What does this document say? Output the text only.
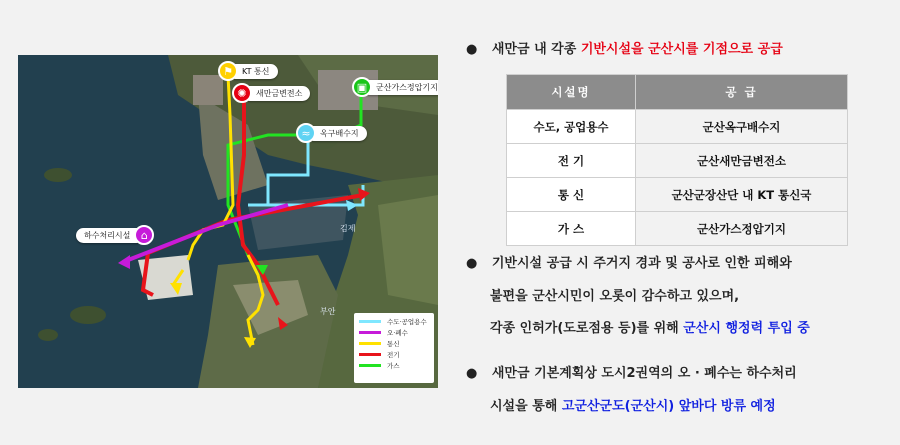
⚑	KT 통신
✺	새만금변전소	▣	군산가스정압기지
≈	옥구배수지
⌂
하수처리시설
김제
부안
수도·공업용수
오·폐수
통신
전기
가스
● 새만금 내 각종 기반시설을 군산시를 기점으로 공급
시설명	공 급
수도, 공업용수	군산옥구배수지
전 기	군산새만금변전소
통 신	군산군장산단 내 KT 통신국
가 스	군산가스정압기지
● 기반시설 공급 시 주거지 경과 및 공사로 인한 피해와
불편을 군산시민이 오롯이 감수하고 있으며,
각종 인허가(도로점용 등)를 위해 군산시 행정력 투입 중
● 새만금 기본계획상 도시2권역의 오 · 폐수는 하수처리
시설을 통해 고군산군도(군산시) 앞바다 방류 예정
